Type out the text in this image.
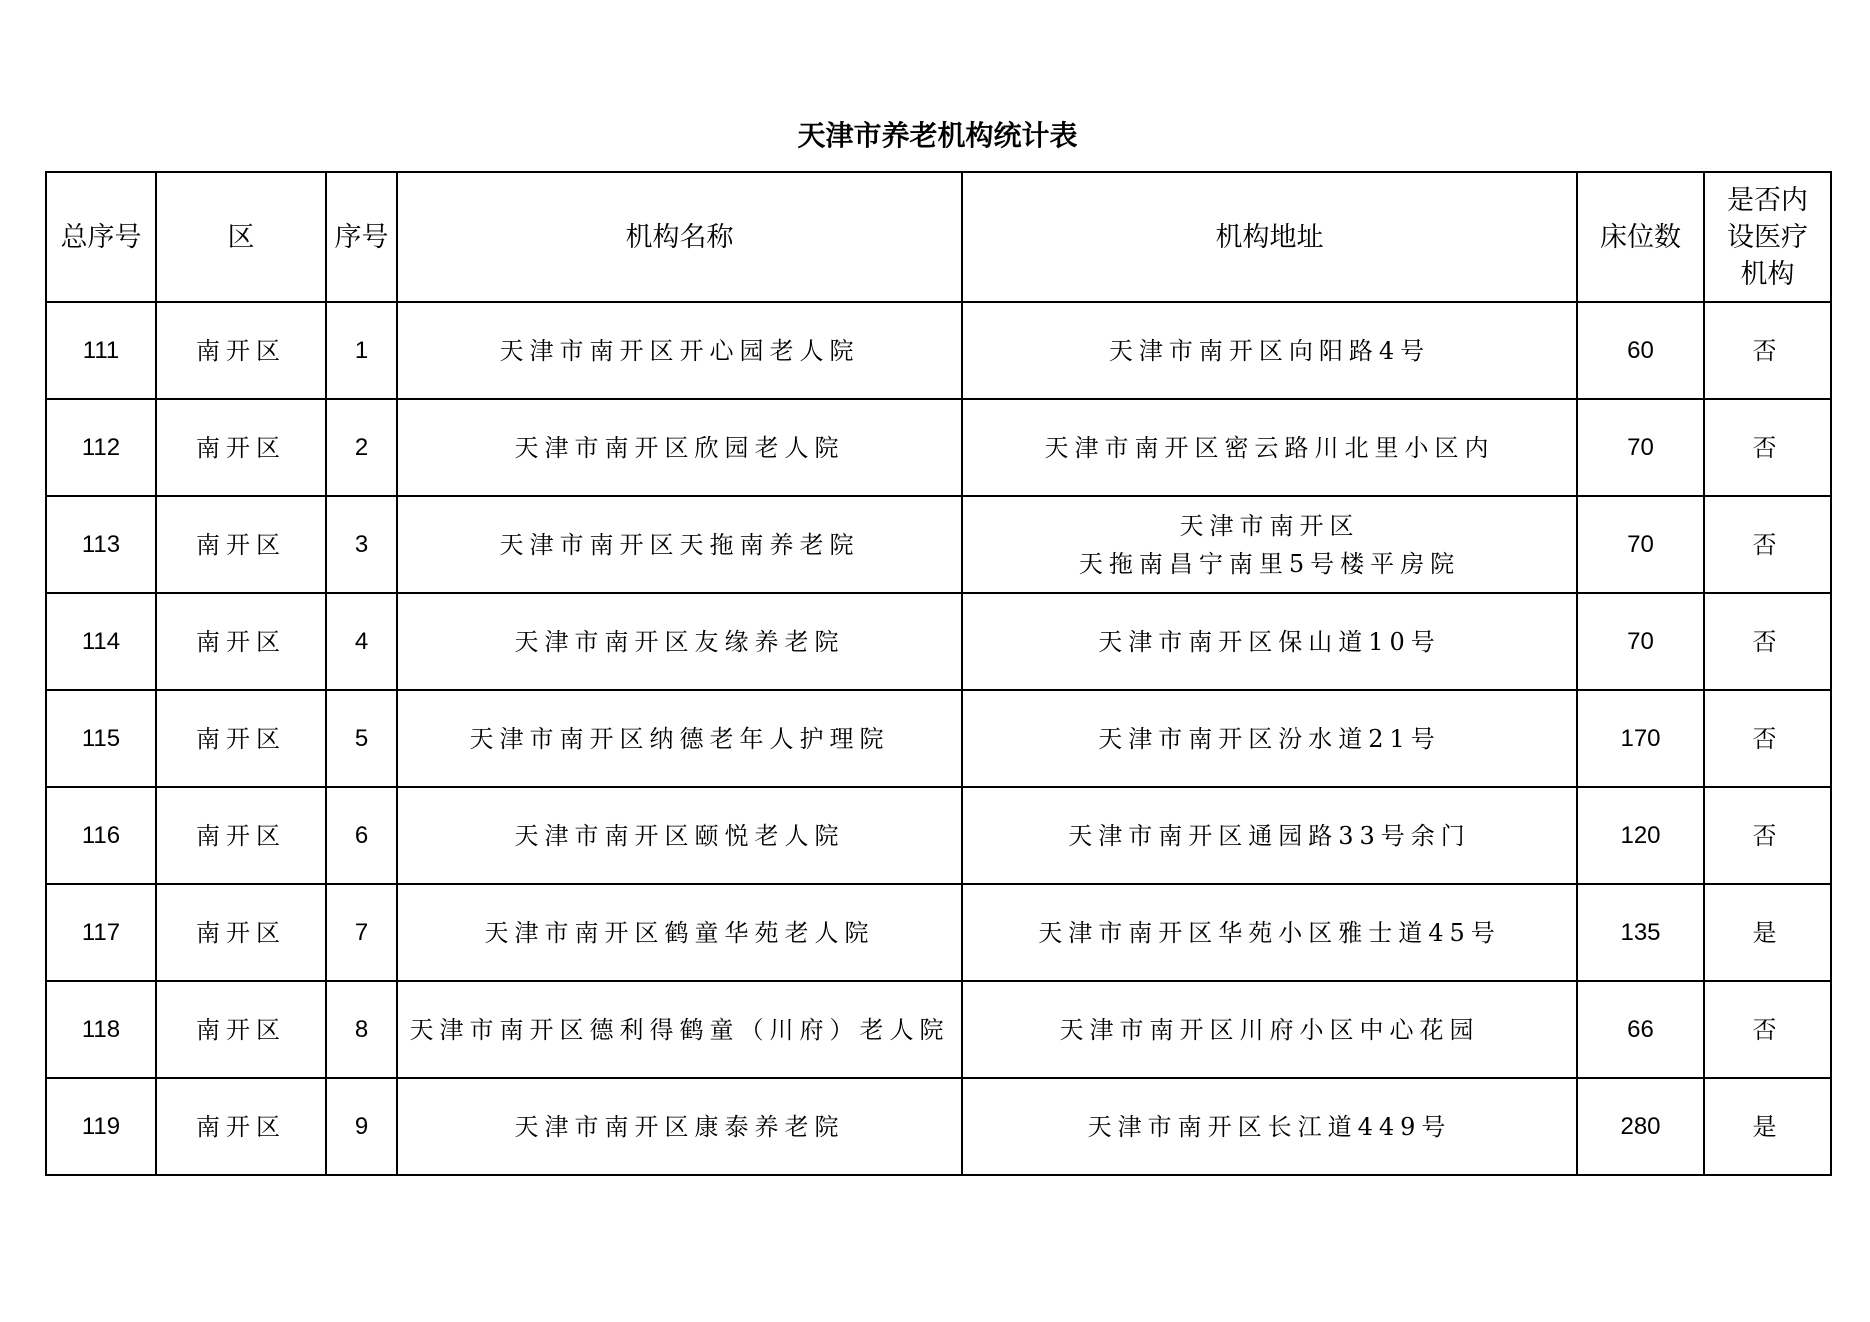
天津市养老机构统计表
总序号	区	序号	机构名称	机构地址	床位数	是否内
设医疗
机构

111	南开区	1	天津市南开区开心园老人院	天津市南开区向阳路4号	60	否
112	南开区	2	天津市南开区欣园老人院	天津市南开区密云路川北里小区内	70	否
113	南开区	3	天津市南开区天拖南养老院	天津市南开区
天拖南昌宁南里5号楼平房院	70	否
114	南开区	4	天津市南开区友缘养老院	天津市南开区保山道10号	70	否
115	南开区	5	天津市南开区纳德老年人护理院	天津市南开区汾水道21号	170	否
116	南开区	6	天津市南开区颐悦老人院	天津市南开区通园路33号余门	120	否
117	南开区	7	天津市南开区鹤童华苑老人院	天津市南开区华苑小区雅士道45号	135	是
118	南开区	8	天津市南开区德利得鹤童（川府）老人院	天津市南开区川府小区中心花园	66	否
119	南开区	9	天津市南开区康泰养老院	天津市南开区长江道449号	280	是
